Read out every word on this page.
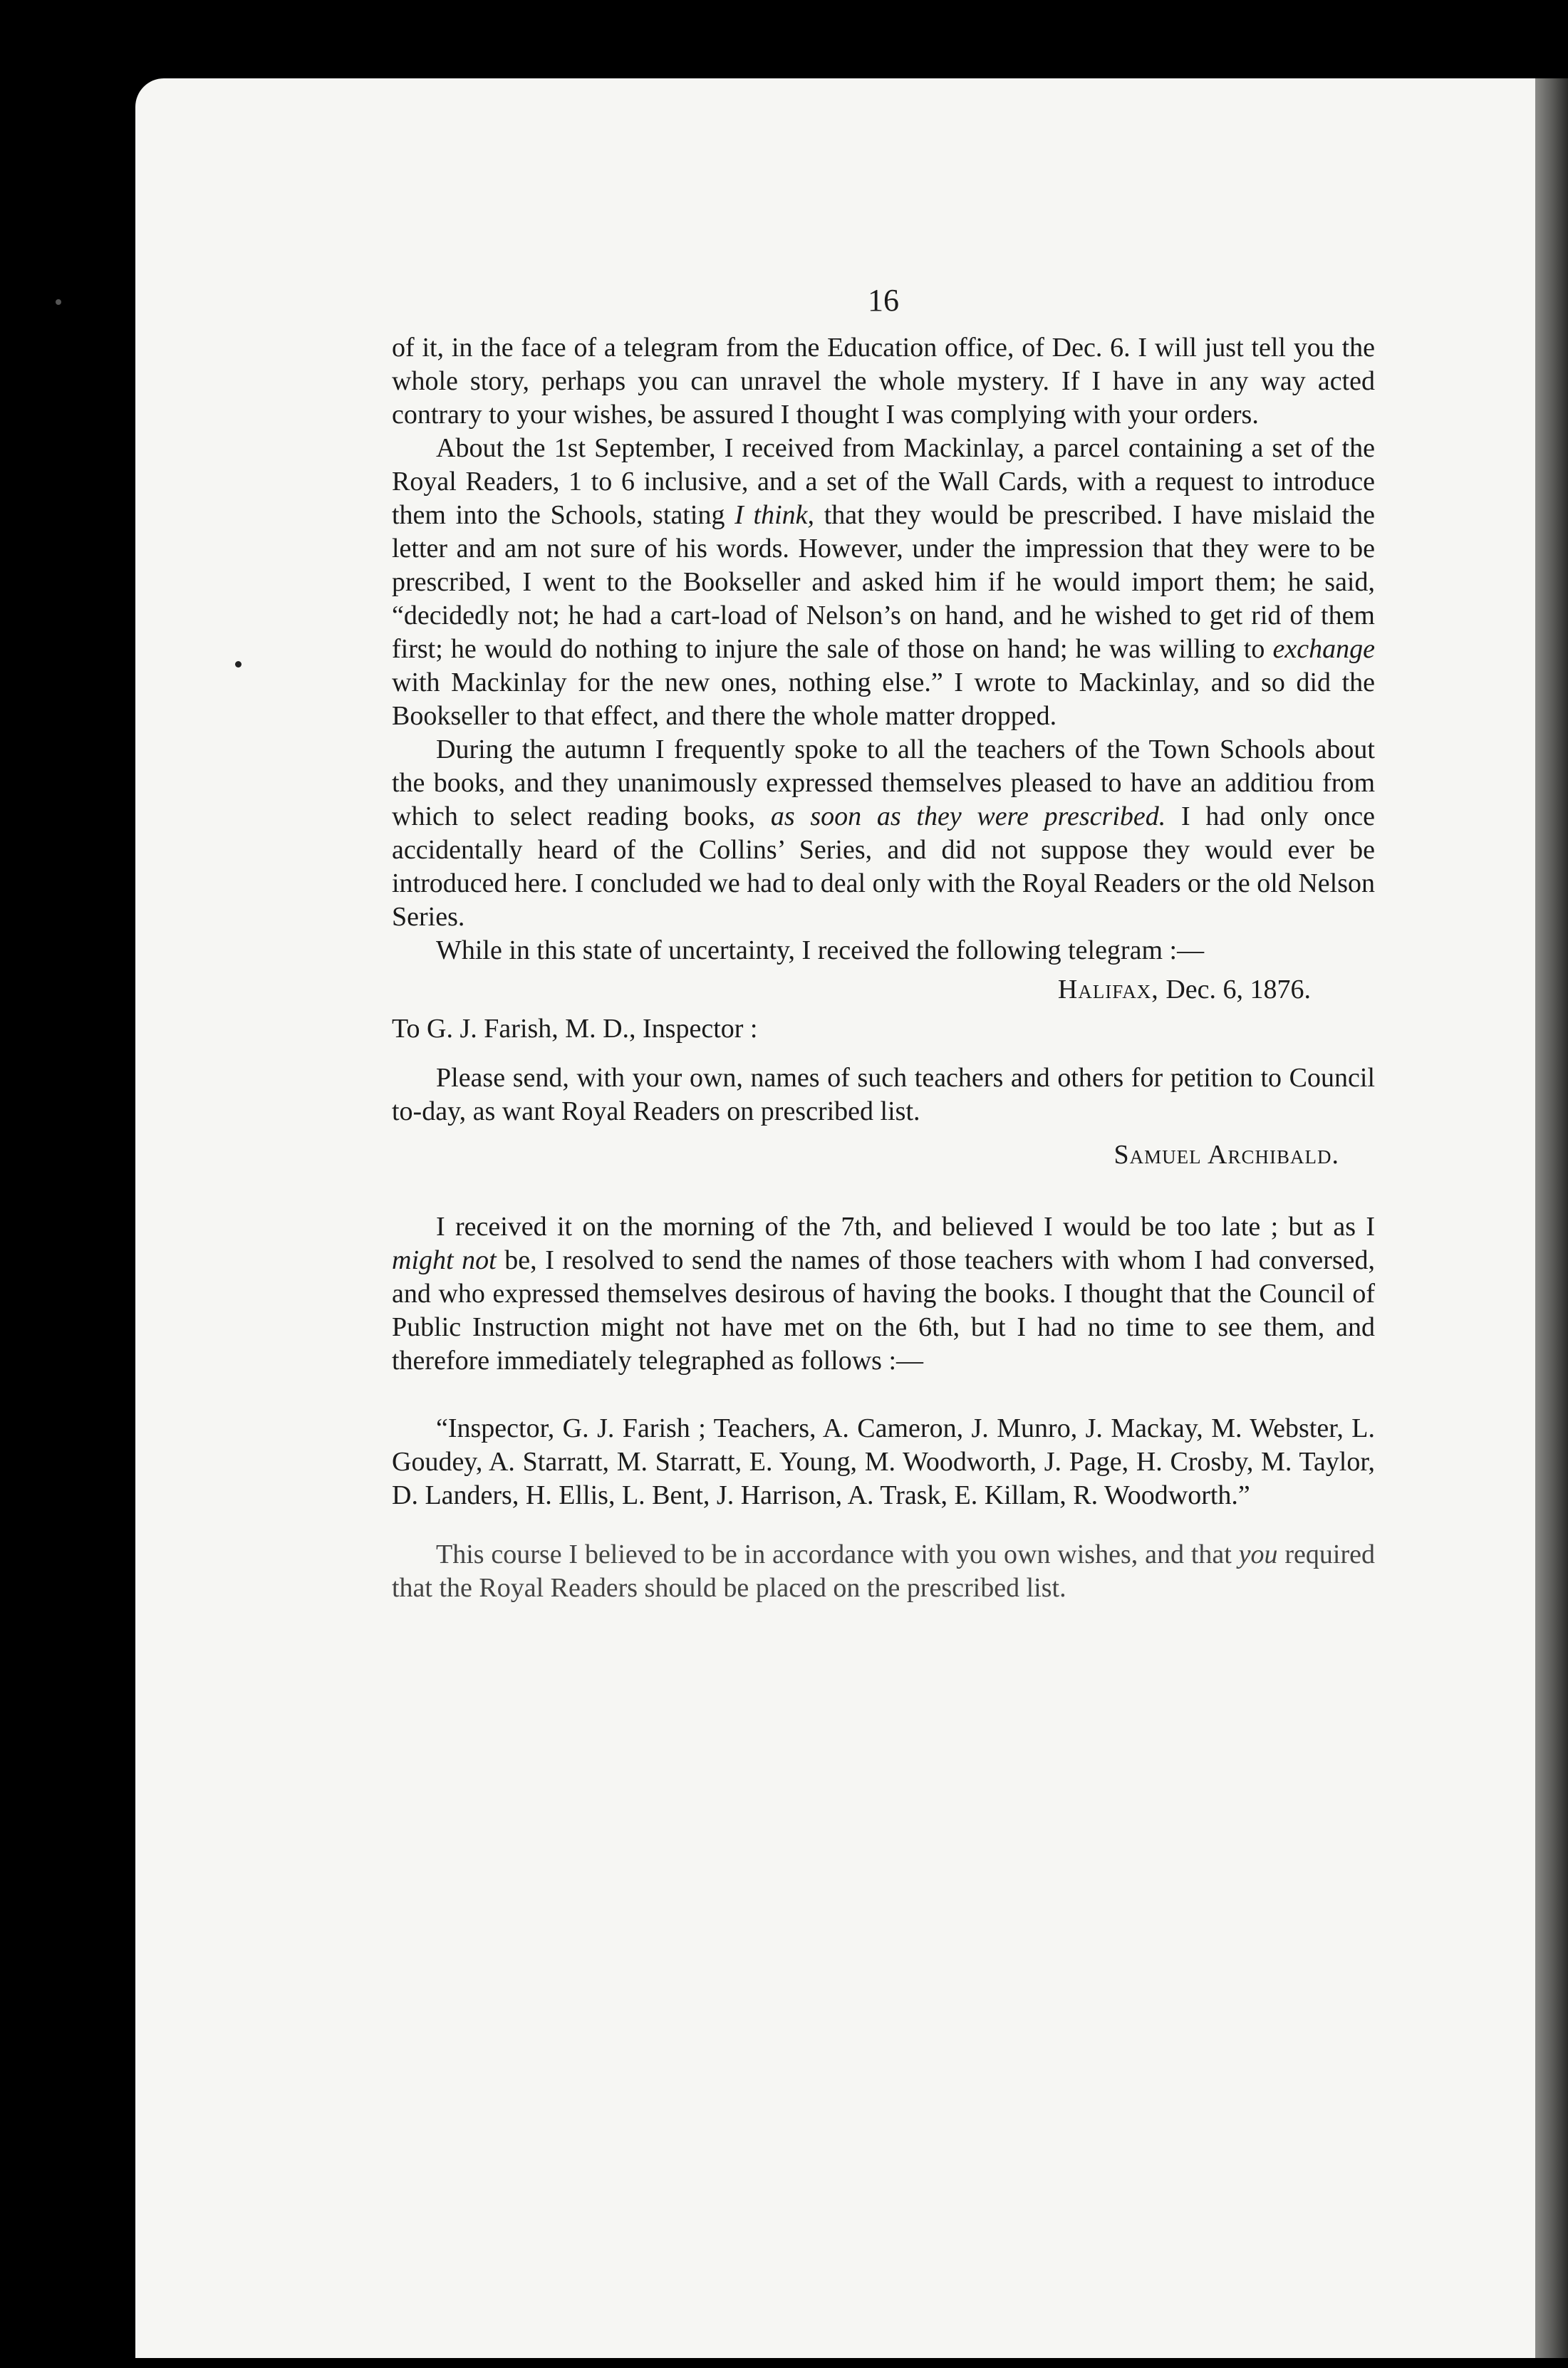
16

of it, in the face of a telegram from the Education office, of Dec. 6. I will just tell you the whole story, perhaps you can unravel the whole mystery. If I have in any way acted contrary to your wishes, be assured I thought I was complying with your orders.

About the 1st September, I received from Mackinlay, a parcel containing a set of the Royal Readers, 1 to 6 inclusive, and a set of the Wall Cards, with a request to introduce them into the Schools, stating I think, that they would be prescribed. I have mislaid the letter and am not sure of his words. However, under the impression that they were to be prescribed, I went to the Bookseller and asked him if he would import them; he said, “decidedly not; he had a cart-load of Nelson’s on hand, and he wished to get rid of them first; he would do nothing to injure the sale of those on hand; he was willing to exchange with Mackinlay for the new ones, nothing else.” I wrote to Mackinlay, and so did the Bookseller to that effect, and there the whole matter dropped.

During the autumn I frequently spoke to all the teachers of the Town Schools about the books, and they unanimously expressed themselves pleased to have an additiou from which to select reading books, as soon as they were prescribed. I had only once accidentally heard of the Collins’ Series, and did not suppose they would ever be introduced here. I concluded we had to deal only with the Royal Readers or the old Nelson Series.

While in this state of uncertainty, I received the following telegram :—

Halifax, Dec. 6, 1876.

To G. J. Farish, M. D., Inspector :

Please send, with your own, names of such teachers and others for petition to Council to-day, as want Royal Readers on prescribed list.

Samuel Archibald.

I received it on the morning of the 7th, and believed I would be too late ; but as I might not be, I resolved to send the names of those teachers with whom I had conversed, and who expressed themselves desirous of having the books. I thought that the Council of Public Instruction might not have met on the 6th, but I had no time to see them, and therefore immediately telegraphed as follows :—

“Inspector, G. J. Farish ; Teachers, A. Cameron, J. Munro, J. Mackay, M. Webster, L. Goudey, A. Starratt, M. Starratt, E. Young, M. Woodworth, J. Page, H. Crosby, M. Taylor, D. Landers, H. Ellis, L. Bent, J. Harrison, A. Trask, E. Killam, R. Woodworth.”

This course I believed to be in accordance with you own wishes, and that you required that the Royal Readers should be placed on the prescribed list.
